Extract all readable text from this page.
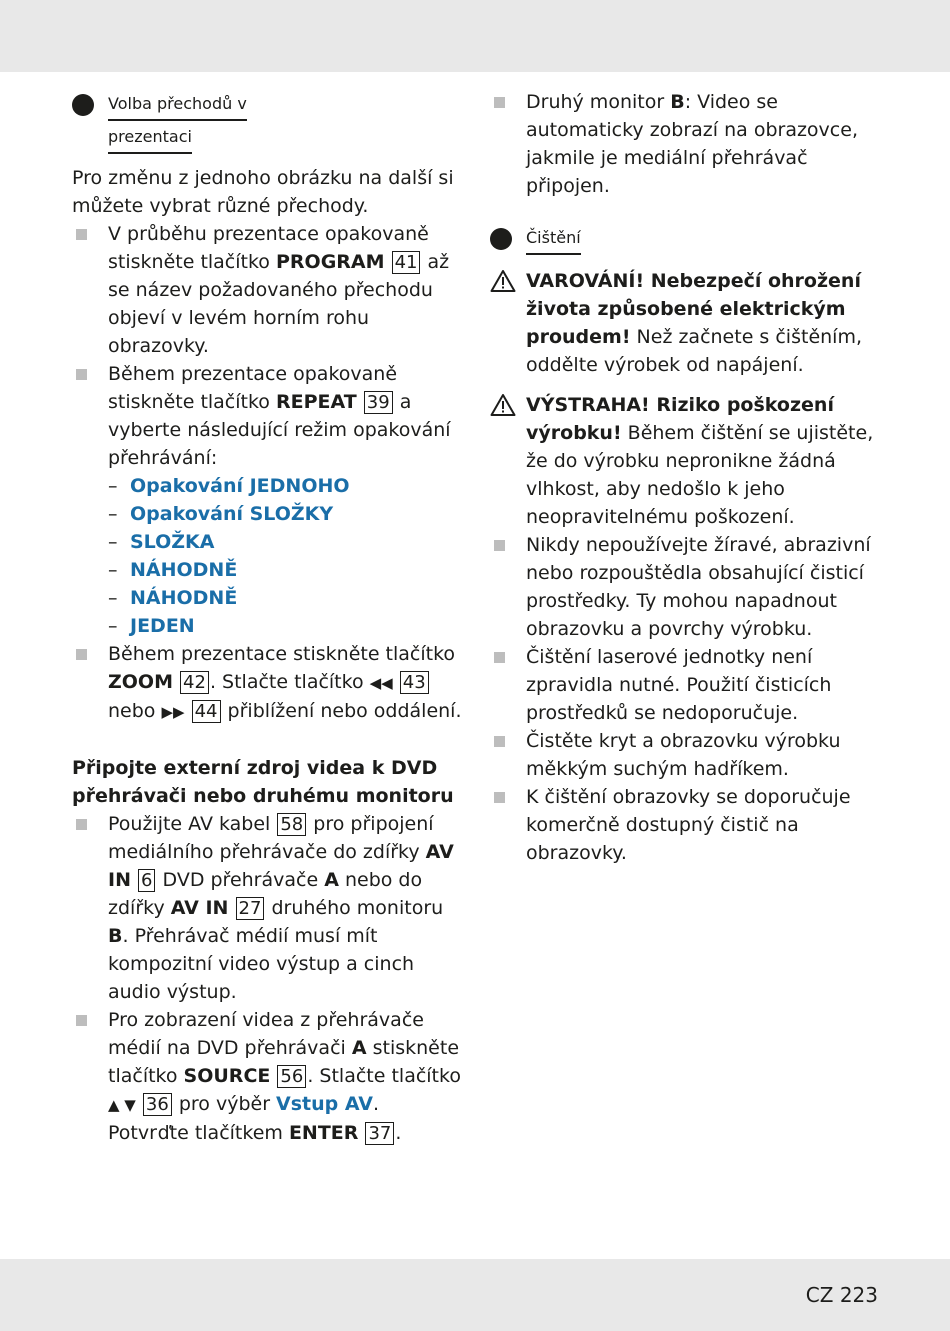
Volba přechodů v
prezentaci

Pro změnu z jednoho obrázku na další si můžete vybrat různé přechody.

V průběhu prezentace opakovaně stiskněte tlačítko PROGRAM 41 až se název požadovaného přechodu objeví v levém horním rohu obrazovky.
Během prezentace opakovaně stiskněte tlačítko REPEAT 39 a vyberte následující režim opakování přehrávání:
– Opakování JEDNOHO
– Opakování SLOŽKY
– SLOŽKA
– NÁHODNĚ
– NÁHODNĚ
– JEDEN
Během prezentace stiskněte tlačítko ZOOM 42 . Stlačte tlačítko ◀◀ 43 nebo ▶▶ 44 přiblížení nebo oddálení.
Připojte externí zdroj videa k DVD přehrávači nebo druhému monitoru
Použijte AV kabel 58 pro připojení mediálního přehrávače do zdířky AV IN 6 DVD přehrávače A nebo do zdířky AV IN 27 druhého monitoru B. Přehrávač médií musí mít kompozitní video výstup a cinch audio výstup.
Pro zobrazení videa z přehrávače médií na DVD přehrávači A stiskněte tlačítko SOURCE 56 . Stlačte tlačítko ▲ ▼ 36 pro výběr Vstup AV. Potvrďte tlačítkem ENTER 37 .
Druhý monitor B: Video se automaticky zobrazí na obrazovce, jakmile je mediální přehrávač připojen.
Čištění
VAROVÁNÍ! Nebezpečí ohrožení života způsobené elektrickým proudem! Než začnete s čištěním, oddělte výrobek od napájení.
VÝSTRAHA! Riziko poškození výrobku! Během čištění se ujistěte, že do výrobku nepronikne žádná vlhkost, aby nedošlo k jeho neopravitelnému poškození.
Nikdy nepoužívejte žíravé, abrazivní nebo rozpouštědla obsahující čisticí prostředky. Ty mohou napadnout obrazovku a povrchy výrobku.
Čištění laserové jednotky není zpravidla nutné. Použití čisticích prostředků se nedoporučuje.
Čistěte kryt a obrazovku výrobku měkkým suchým hadříkem.
K čištění obrazovky se doporučuje komerčně dostupný čistič na obrazovky.
CZ 223
